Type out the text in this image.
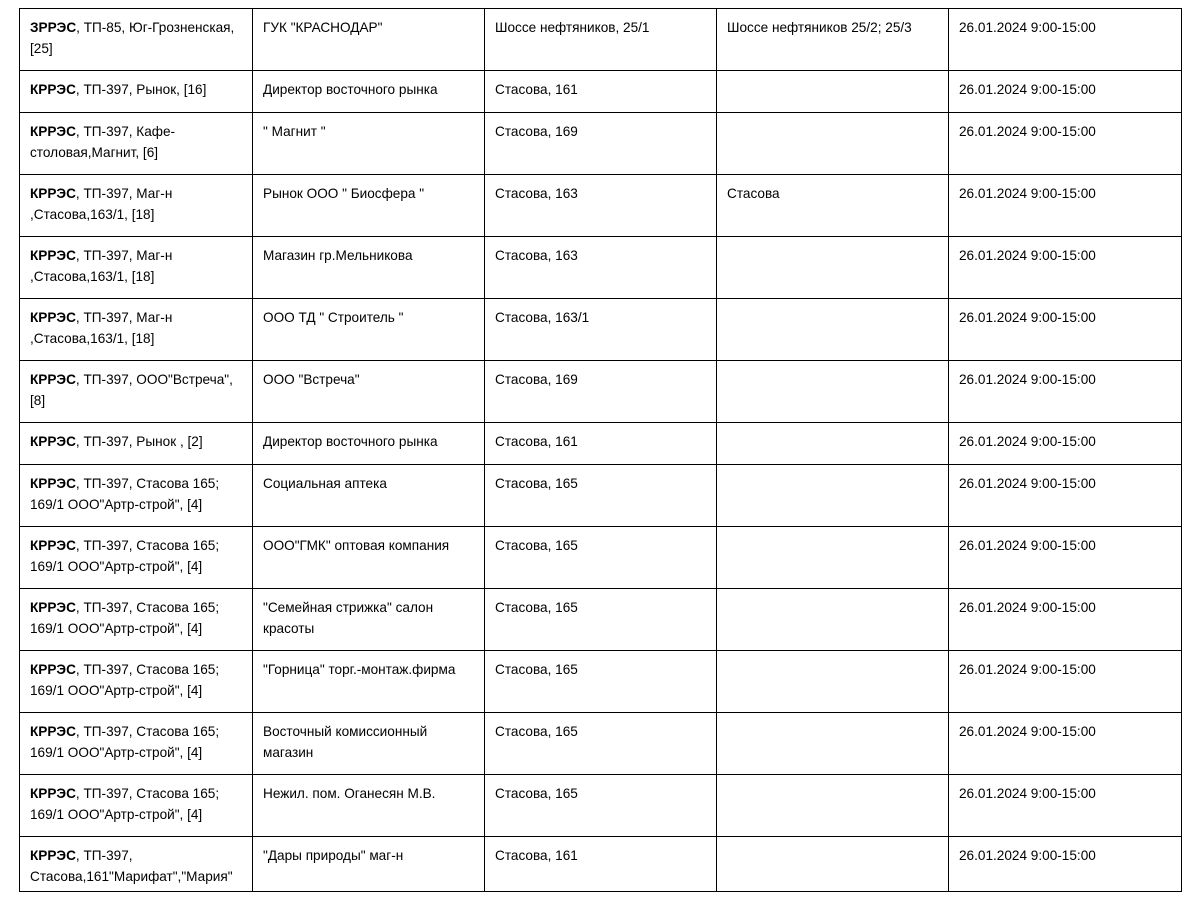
ЗРРЭС, ТП-85, Юг-Грозненская,
[25]	ГУК "КРАСНОДАР"	Шоссе нефтяников, 25/1	Шоссе нефтяников 25/2; 25/3	26.01.2024 9:00-15:00
КРРЭС, ТП-397, Рынок, [16]	Директор восточного рынка	Стасова, 161		26.01.2024 9:00-15:00
КРРЭС, ТП-397, Кафе-
столовая,Магнит, [6]	" Магнит "	Стасова, 169		26.01.2024 9:00-15:00
КРРЭС, ТП-397, Маг-н
,Стасова,163/1, [18]	Рынок ООО " Биосфера "	Стасова, 163	Стасова	26.01.2024 9:00-15:00
КРРЭС, ТП-397, Маг-н
,Стасова,163/1, [18]	Магазин гр.Мельникова	Стасова, 163		26.01.2024 9:00-15:00
КРРЭС, ТП-397, Маг-н
,Стасова,163/1, [18]	ООО ТД " Строитель "	Стасова, 163/1		26.01.2024 9:00-15:00
КРРЭС, ТП-397, ООО"Встреча",
[8]	ООО "Встреча"	Стасова, 169		26.01.2024 9:00-15:00
КРРЭС, ТП-397, Рынок , [2]	Директор восточного рынка	Стасова, 161		26.01.2024 9:00-15:00
КРРЭС, ТП-397, Стасова 165;
169/1 ООО"Артр-строй", [4]	Социальная аптека	Стасова, 165		26.01.2024 9:00-15:00
КРРЭС, ТП-397, Стасова 165;
169/1 ООО"Артр-строй", [4]	ООО"ГМК" оптовая компания	Стасова, 165		26.01.2024 9:00-15:00
КРРЭС, ТП-397, Стасова 165;
169/1 ООО"Артр-строй", [4]	"Семейная стрижка" салон
красоты	Стасова, 165		26.01.2024 9:00-15:00
КРРЭС, ТП-397, Стасова 165;
169/1 ООО"Артр-строй", [4]	"Горница" торг.-монтаж.фирма	Стасова, 165		26.01.2024 9:00-15:00
КРРЭС, ТП-397, Стасова 165;
169/1 ООО"Артр-строй", [4]	Восточный комиссионный
магазин	Стасова, 165		26.01.2024 9:00-15:00
КРРЭС, ТП-397, Стасова 165;
169/1 ООО"Артр-строй", [4]	Нежил. пом. Оганесян М.В.	Стасова, 165		26.01.2024 9:00-15:00
КРРЭС, ТП-397,
Стасова,161"Марифат","Мария"	"Дары природы" маг-н	Стасова, 161		26.01.2024 9:00-15:00
